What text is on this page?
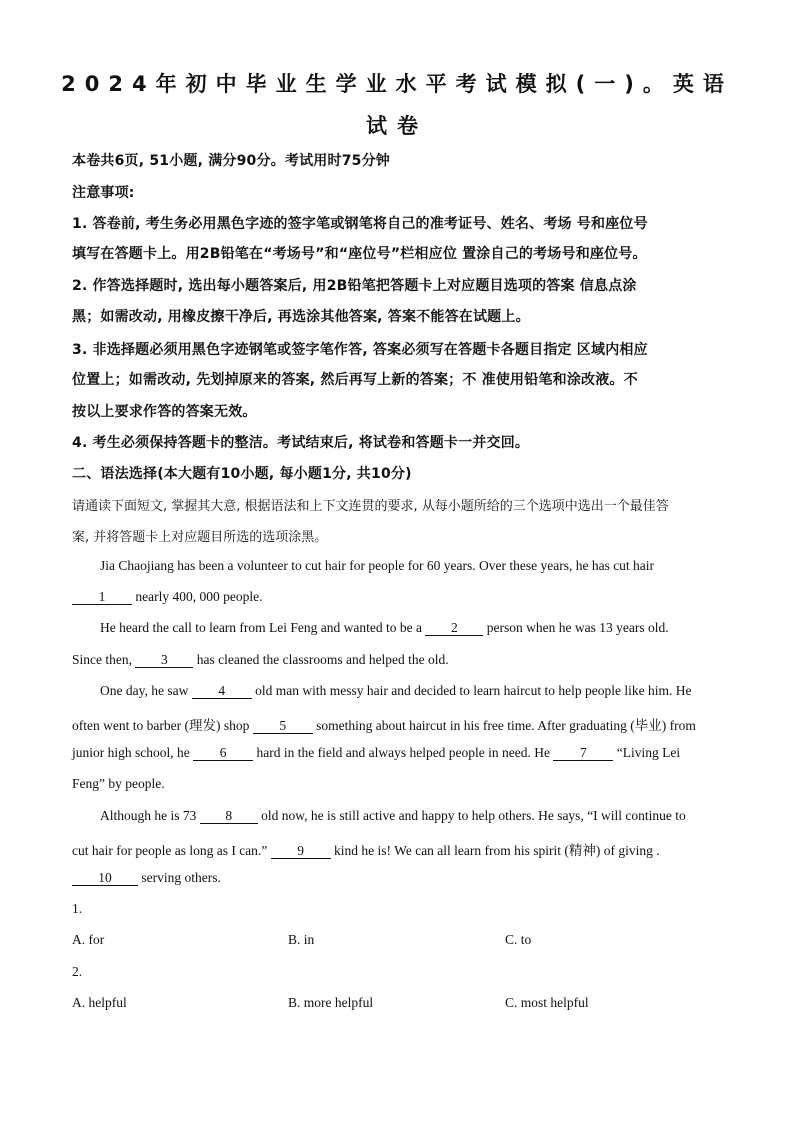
2024年初中毕业生学业水平考试模拟(一)。英语
试卷
本卷共6页, 51小题, 满分90分。考试用时75分钟
注意事项:
1. 答卷前, 考生务必用黑色字迹的签字笔或钢笔将自己的准考证号、姓名、考场 号和座位号
填写在答题卡上。用2B铅笔在“考场号”和“座位号”栏相应位 置涂自己的考场号和座位号。
2. 作答选择题时, 选出每小题答案后, 用2B铅笔把答题卡上对应题目选项的答案 信息点涂
黑；如需改动, 用橡皮擦干净后, 再选涂其他答案, 答案不能答在试题上。
3. 非选择题必须用黑色字迹钢笔或签字笔作答, 答案必须写在答题卡各题目指定 区域内相应
位置上；如需改动, 先划掉原来的答案, 然后再写上新的答案；不 准使用铅笔和涂改液。不
按以上要求作答的答案无效。
4. 考生必须保持答题卡的整洁。考试结束后, 将试卷和答题卡一并交回。
二、语法选择(本大题有10小题, 每小题1分, 共10分)
请通读下面短文, 掌握其大意, 根据语法和上下文连贯的要求, 从每小题所给的三个选项中选出一个最佳答
案, 并将答题卡上对应题目所选的选项涂黑。
Jia Chaojiang has been a volunteer to cut hair for people for 60 years. Over these years, he has cut hair
1 nearly 400, 000 people.
He heard the call to learn from Lei Feng and wanted to be a 2 person when he was 13 years old.
Since then, 3 has cleaned the classrooms and helped the old.
One day, he saw 4 old man with messy hair and decided to learn haircut to help people like him. He
often went to barber (理发) shop 5 something about haircut in his free time. After graduating (毕业) from
junior high school, he 6 hard in the field and always helped people in need. He 7 “Living Lei
Feng” by people.
Although he is 73 8 old now, he is still active and happy to help others. He says, “I will continue to
cut hair for people as long as I can.” 9 kind he is! We can all learn from his spirit (精神) of giving .
10 serving others.
1.
A. for	B. in	C. to
2.
A. helpful	B. more helpful	C. most helpful
